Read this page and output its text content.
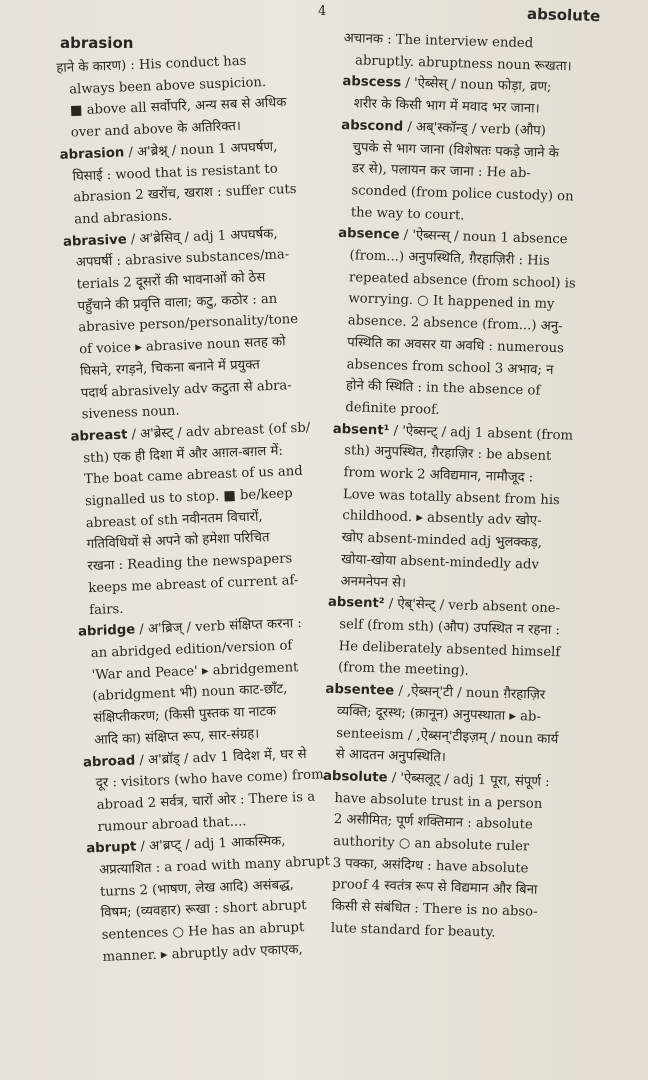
4	absolute
abrasion
हाने के कारण) : His conduct has
always been above suspicion.
■ above all सर्वोपरि, अन्य सब से अधिक
over and above के अतिरिक्त।
abrasion / अ'ब्रेश्न् / noun 1 अपघर्षण,
घिसाई : wood that is resistant to
abrasion 2 खरोंच, खराश : suffer cuts
and abrasions.
abrasive / अ'ब्रेसिव् / adj 1 अपघर्षक,
अपघर्षी : abrasive substances/ma-
terials 2 दूसरों की भावनाओं को ठेस
पहुँचाने की प्रवृत्ति वाला; कटु, कठोर : an
abrasive person/personality/tone
of voice ▸ abrasive noun सतह को
घिसने, रगड़ने, चिकना बनाने में प्रयुक्त
पदार्थ abrasively adv कटुता से abra-
siveness noun.
abreast / अ'ब्रेस्ट् / adv abreast (of sb/
sth) एक ही दिशा में और अग़ल-बग़ल में:
The boat came abreast of us and
signalled us to stop. ■ be/keep
abreast of sth नवीनतम विचारों,
गतिविधियों से अपने को हमेशा परिचित
रखना : Reading the newspapers
keeps me abreast of current af-
fairs.
abridge / अ'ब्रिज् / verb संक्षिप्त करना :
an abridged edition/version of
'War and Peace' ▸ abridgement
(abridgment भी) noun काट-छाँट,
संक्षिप्तीकरण; (किसी पुस्तक या नाटक
आदि का) संक्षिप्त रूप, सार-संग्रह।
abroad / अ'ब्रॉड् / adv 1 विदेश में, घर से
दूर : visitors (who have come) from
abroad 2 सर्वत्र, चारों ओर : There is a
rumour abroad that....
abrupt / अ'ब्रप्ट् / adj 1 आकस्मिक,
अप्रत्याशित : a road with many abrupt
turns 2 (भाषण, लेख आदि) असंबद्ध,
विषम; (व्यवहार) रूखा : short abrupt
sentences ○ He has an abrupt
manner. ▸ abruptly adv एकाएक,
अचानक : The interview ended
abruptly. abruptness noun रूखता।
abscess / 'ऐब्सेस् / noun फोड़ा, व्रण;
शरीर के किसी भाग में मवाद भर जाना।
abscond / अब्'स्कॉन्ड् / verb (औप)
चुपके से भाग जाना (विशेषतः पकड़े जाने के
डर से), पलायन कर जाना : He ab-
sconded (from police custody) on
the way to court.
absence / 'ऐब्सन्स् / noun 1 absence
(from...) अनुपस्थिति, ग़ैरहाज़िरी : His
repeated absence (from school) is
worrying. ○ It happened in my
absence. 2 absence (from...) अनु-
पस्थिति का अवसर या अवधि : numerous
absences from school 3 अभाव; न
होने की स्थिति : in the absence of
definite proof.
absent¹ / 'ऐब्सन्ट् / adj 1 absent (from
sth) अनुपस्थित, ग़ैरहाज़िर : be absent
from work 2 अविद्यमान, नामौजूद :
Love was totally absent from his
childhood. ▸ absently adv खोए-
खोए absent-minded adj भुलक्कड़,
खोया-खोया absent-mindedly adv
अनमनेपन से।
absent² / ऐब्'सेन्ट् / verb absent one-
self (from sth) (औप) उपस्थित न रहना :
He deliberately absented himself
(from the meeting).
absentee / ,ऐब्सन्'टी / noun ग़ैरहाज़िर
व्यक्ति; दूरस्थ; (क़ानून) अनुपस्थाता ▸ ab-
senteeism / ,ऐब्सन्'टीइज़म् / noun कार्य
से आदतन अनुपस्थिति।
absolute / 'ऐब्सलूट् / adj 1 पूरा, संपूर्ण :
have absolute trust in a person
2 असीमित; पूर्ण शक्तिमान : absolute
authority ○ an absolute ruler
3 पक्का, असंदिग्ध : have absolute
proof 4 स्वतंत्र रूप से विद्यमान और बिना
किसी से संबंधित : There is no abso-
lute standard for beauty.
